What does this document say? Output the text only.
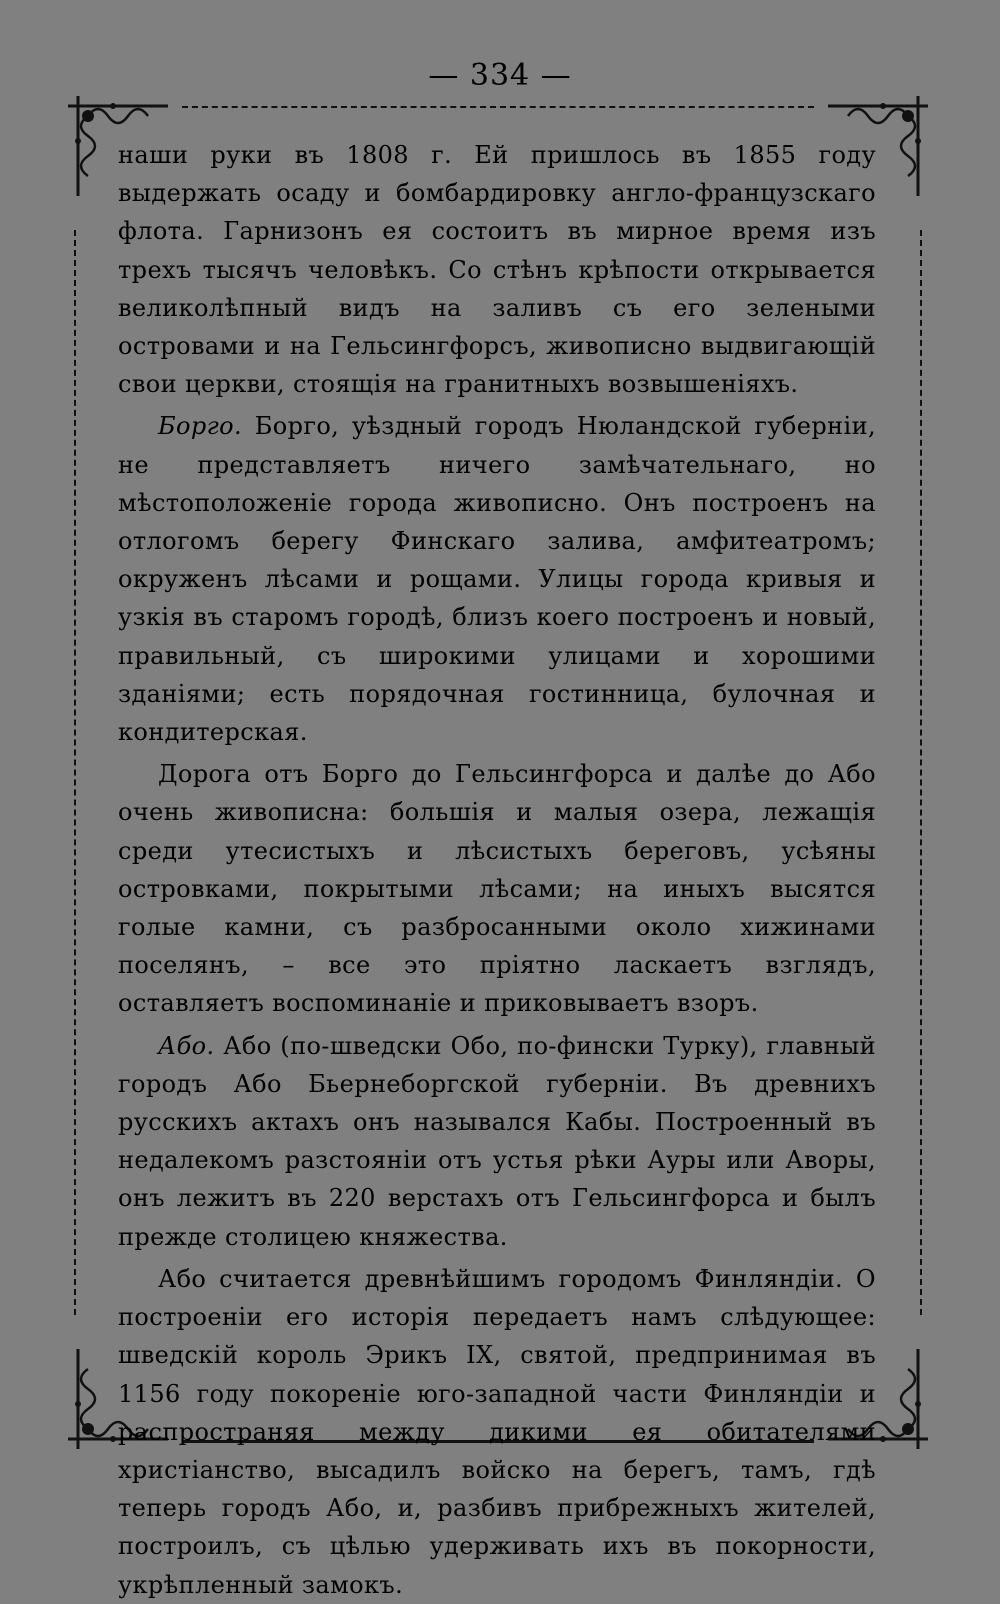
— 334 —

наши руки въ 1808 г. Ей пришлось въ 1855 году выдержать осаду и бомбардировку англо-французскаго флота. Гарнизонъ ея состоитъ въ мирное время изъ трехъ тысячъ человѣкъ. Со стѣнъ крѣпости открывается великолѣпный видъ на заливъ съ его зелеными островами и на Гельсингфорсъ, живописно выдвигающій свои церкви, стоящія на гранитныхъ возвышеніяхъ.

Борго. Борго, уѣздный городъ Нюландской губерніи, не представляетъ ничего замѣчательнаго, но мѣстоположеніе города живописно. Онъ построенъ на отлогомъ берегу Финскаго залива, амфитеатромъ; окруженъ лѣсами и рощами. Улицы города кривыя и узкія въ старомъ городѣ, близъ коего построенъ и новый, правильный, съ широкими улицами и хорошими зданіями; есть порядочная гостинница, булочная и кондитерская.

Дорога отъ Борго до Гельсингфорса и далѣе до Або очень живописна: большія и малыя озера, лежащія среди утесистыхъ и лѣсистыхъ береговъ, усѣяны островками, покрытыми лѣсами; на иныхъ высятся голые камни, съ разбросанными около хижинами поселянъ, – все это пріятно ласкаетъ взглядъ, оставляетъ воспоминаніе и приковываетъ взоръ.

Або. Або (по-шведски Обо, по-фински Турку), главный городъ Або Бьернеборгской губерніи. Въ древнихъ русскихъ актахъ онъ назывался Кабы. Построенный въ недалекомъ разстояніи отъ устья рѣки Ауры или Аворы, онъ лежитъ въ 220 верстахъ отъ Гельсингфорса и былъ прежде столицею княжества.

Або считается древнѣйшимъ городомъ Финляндіи. О построеніи его исторія передаетъ намъ слѣдующее: шведскій король Эрикъ IX, святой, предпринимая въ 1156 году покореніе юго-западной части Финляндіи и распространяя между дикими ея обитателями христіанство, высадилъ войско на берегъ, тамъ, гдѣ теперь городъ Або, и, разбивъ прибрежныхъ жителей, построилъ, съ цѣлью удерживать ихъ въ покорности, укрѣпленный замокъ.
